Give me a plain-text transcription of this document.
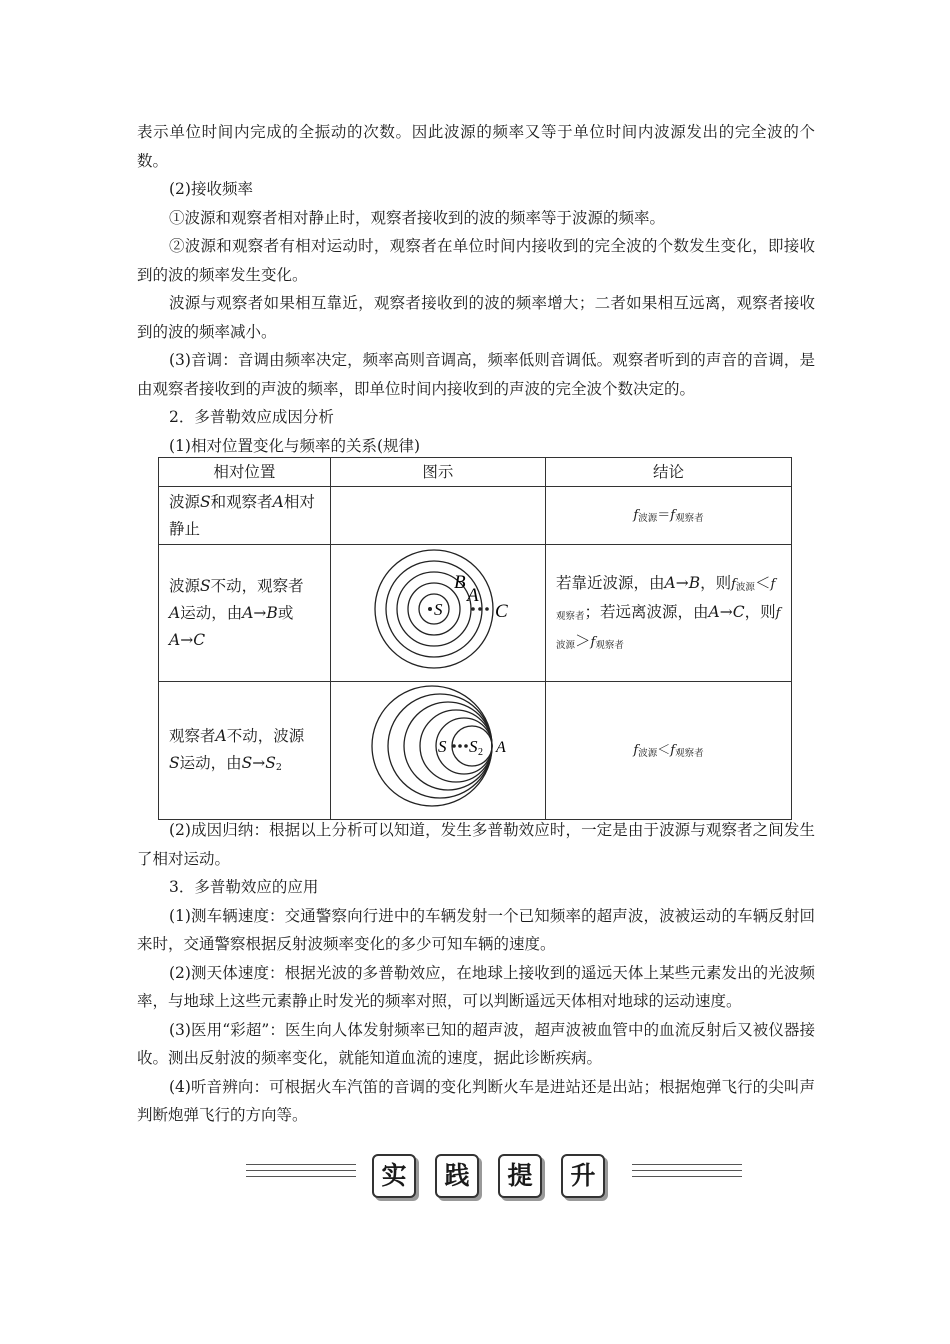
表示单位时间内完成的全振动的次数。因此波源的频率又等于单位时间内波源发出的完全波的个数。

(2)接收频率

①波源和观察者相对静止时，观察者接收到的波的频率等于波源的频率。

②波源和观察者有相对运动时，观察者在单位时间内接收到的完全波的个数发生变化，即接收到的波的频率发生变化。

波源与观察者如果相互靠近，观察者接收到的波的频率增大；二者如果相互远离，观察者接收到的波的频率减小。

(3)音调：音调由频率决定，频率高则音调高，频率低则音调低。观察者听到的声音的音调，是由观察者接收到的声波的频率，即单位时间内接收到的声波的完全波个数决定的。

2．多普勒效应成因分析

(1)相对位置变化与频率的关系(规律)

相对位置	图示	结论
波源S和观察者A相对静止		f波源＝f观察者
波源S不动，观察者
A运动，由A→B或
A→C	S
B
A
C	若靠近波源，由A→B，则f波源＜f观察者；若远离波源，由A→C，则f波源＞f观察者
观察者A不动，波源
S运动，由S→S2	S S 2 A	f波源＜f观察者

(2)成因归纳：根据以上分析可以知道，发生多普勒效应时，一定是由于波源与观察者之间发生了相对运动。

3．多普勒效应的应用

(1)测车辆速度：交通警察向行进中的车辆发射一个已知频率的超声波，波被运动的车辆反射回来时，交通警察根据反射波频率变化的多少可知车辆的速度。

(2)测天体速度：根据光波的多普勒效应，在地球上接收到的遥远天体上某些元素发出的光波频率，与地球上这些元素静止时发光的频率对照，可以判断遥远天体相对地球的运动速度。

(3)医用“彩超”：医生向人体发射频率已知的超声波，超声波被血管中的血流反射后又被仪器接收。测出反射波的频率变化，就能知道血流的速度，据此诊断疾病。

(4)听音辨向：可根据火车汽笛的音调的变化判断火车是进站还是出站；根据炮弹飞行的尖叫声判断炮弹飞行的方向等。

实	践	提	升
